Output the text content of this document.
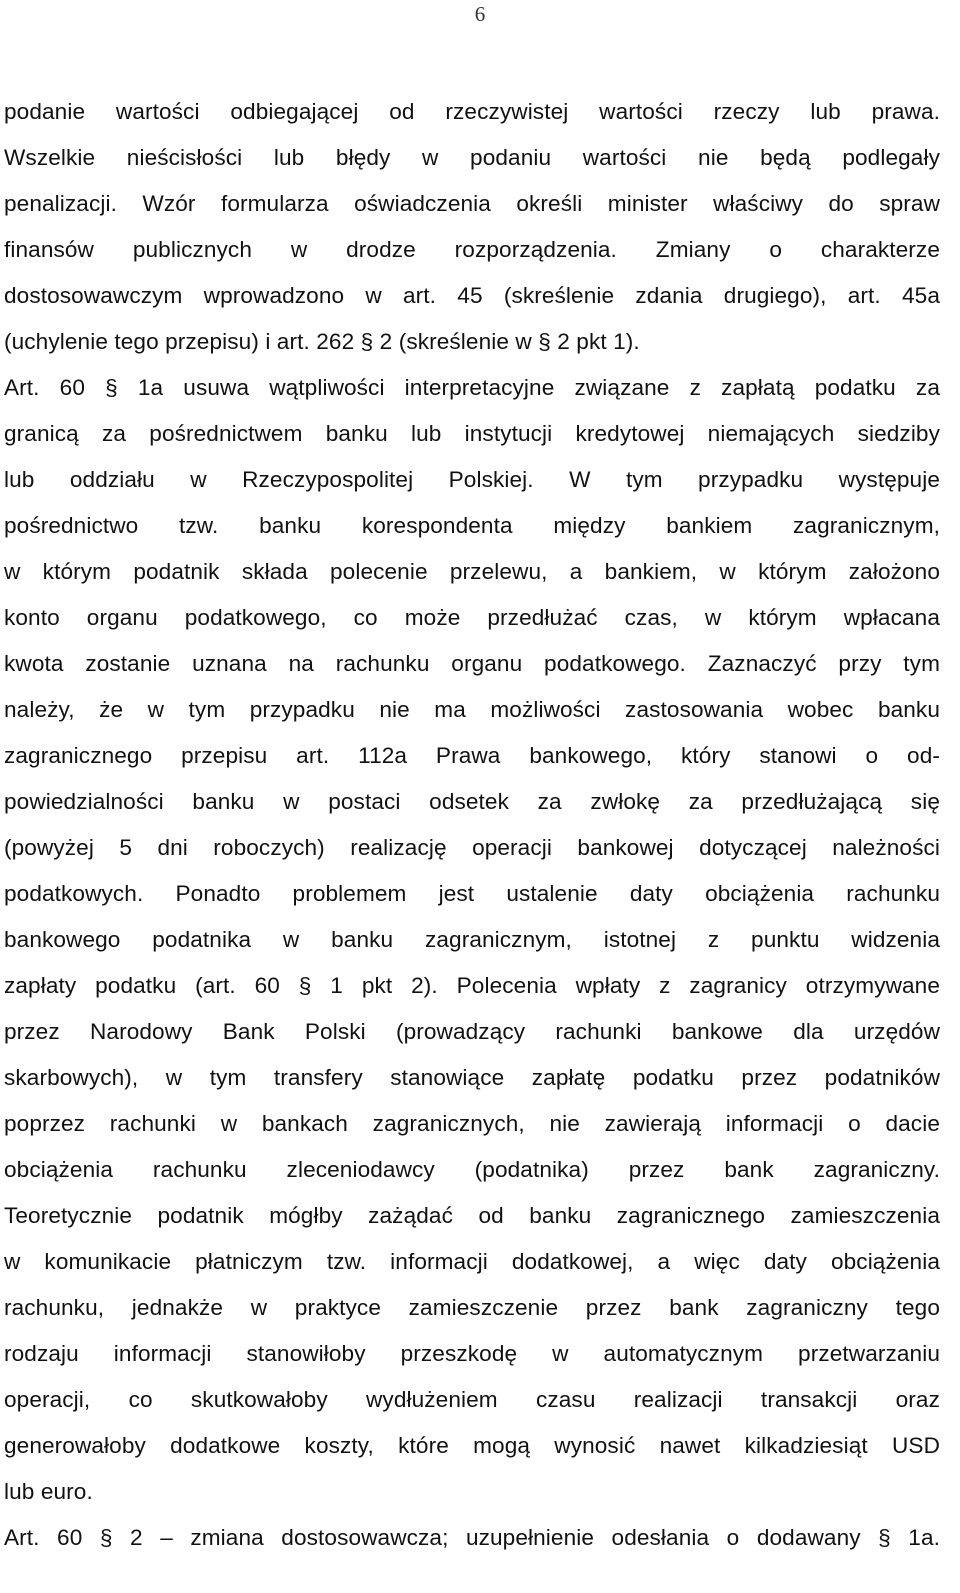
6
podanie wartości odbiegającej od rzeczywistej wartości rzeczy lub prawa.
Wszelkie nieścisłości lub błędy w podaniu wartości nie będą podlegały
penalizacji. Wzór formularza oświadczenia określi minister właściwy do spraw
finansów publicznych w drodze rozporządzenia. Zmiany o charakterze
dostosowawczym wprowadzono w art. 45 (skreślenie zdania drugiego), art. 45a
(uchylenie tego przepisu) i art. 262 § 2 (skreślenie w § 2 pkt 1).
Art. 60 § 1a usuwa wątpliwości interpretacyjne związane z zapłatą podatku za
granicą za pośrednictwem banku lub instytucji kredytowej niemających siedziby
lub oddziału w Rzeczypospolitej Polskiej. W tym przypadku występuje
pośrednictwo tzw. banku korespondenta między bankiem zagranicznym,
w którym podatnik składa polecenie przelewu, a bankiem, w którym założono
konto organu podatkowego, co może przedłużać czas, w którym wpłacana
kwota zostanie uznana na rachunku organu podatkowego. Zaznaczyć przy tym
należy, że w tym przypadku nie ma możliwości zastosowania wobec banku
zagranicznego przepisu art. 112a Prawa bankowego, który stanowi o od-
powiedzialności banku w postaci odsetek za zwłokę za przedłużającą się
(powyżej 5 dni roboczych) realizację operacji bankowej dotyczącej należności
podatkowych. Ponadto problemem jest ustalenie daty obciążenia rachunku
bankowego podatnika w banku zagranicznym, istotnej z punktu widzenia
zapłaty podatku (art. 60 § 1 pkt 2). Polecenia wpłaty z zagranicy otrzymywane
przez Narodowy Bank Polski (prowadzący rachunki bankowe dla urzędów
skarbowych), w tym transfery stanowiące zapłatę podatku przez podatników
poprzez rachunki w bankach zagranicznych, nie zawierają informacji o dacie
obciążenia rachunku zleceniodawcy (podatnika) przez bank zagraniczny.
Teoretycznie podatnik mógłby zażądać od banku zagranicznego zamieszczenia
w komunikacie płatniczym tzw. informacji dodatkowej, a więc daty obciążenia
rachunku, jednakże w praktyce zamieszczenie przez bank zagraniczny tego
rodzaju informacji stanowiłoby przeszkodę w automatycznym przetwarzaniu
operacji, co skutkowałoby wydłużeniem czasu realizacji transakcji oraz
generowałoby dodatkowe koszty, które mogą wynosić nawet kilkadziesiąt USD
lub euro.
Art. 60 § 2 – zmiana dostosowawcza; uzupełnienie odesłania o dodawany § 1a.
